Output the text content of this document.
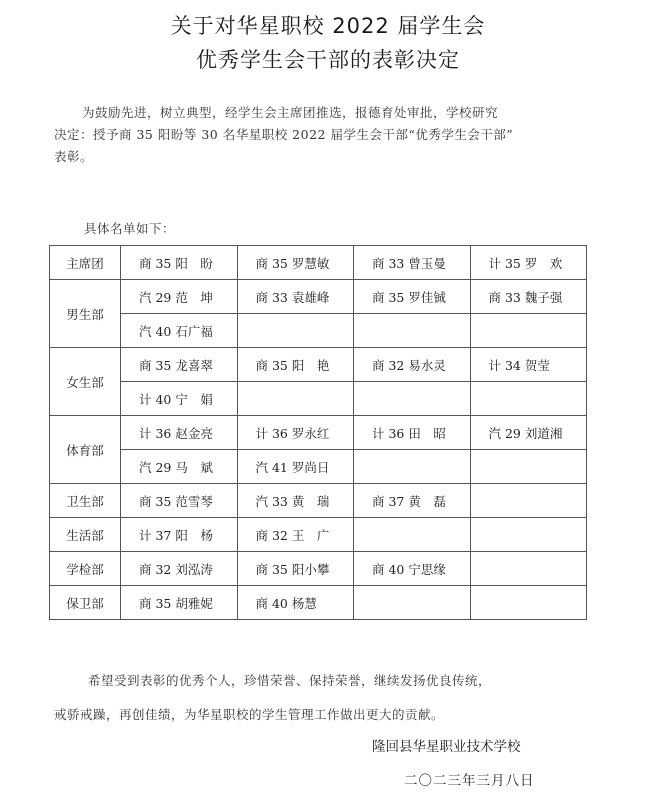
关于对华星职校 2022 届学生会
优秀学生会干部的表彰决定

为鼓励先进，树立典型，经学生会主席团推选，报德育处审批，学校研究

决定：授予商 35 阳盼等 30 名华星职校 2022 届学生会干部“优秀学生会干部”

表彰。

具体名单如下：
主席团	商 35 阳　盼	商 35 罗慧敏	商 33 曾玉曼	计 35 罗　欢
男生部	汽 29 范　坤	商 33 袁雄峰	商 35 罗佳铖	商 33 魏子强
	汽 40 石广福			
女生部	商 35 龙喜翠	商 35 阳　艳	商 32 易水灵	计 34 贺莹
	计 40 宁　娟			
体育部	计 36 赵金亮	计 36 罗永红	计 36 田　昭	汽 29 刘道湘
	汽 29 马　斌	汽 41 罗尚日		
卫生部	商 35 范雪琴	汽 33 黄　瑞	商 37 黄　磊	
生活部	计 37 阳　杨	商 32 王　广		
学检部	商 32 刘泓涛	商 35 阳小攀	商 40 宁思缘	
保卫部	商 35 胡雅妮	商 40 杨慧		

希望受到表彰的优秀个人，珍惜荣誉、保持荣誉，继续发扬优良传统，

戒骄戒躁，再创佳绩，为华星职校的学生管理工作做出更大的贡献。

隆回县华星职业技术学校
二〇二三年三月八日
